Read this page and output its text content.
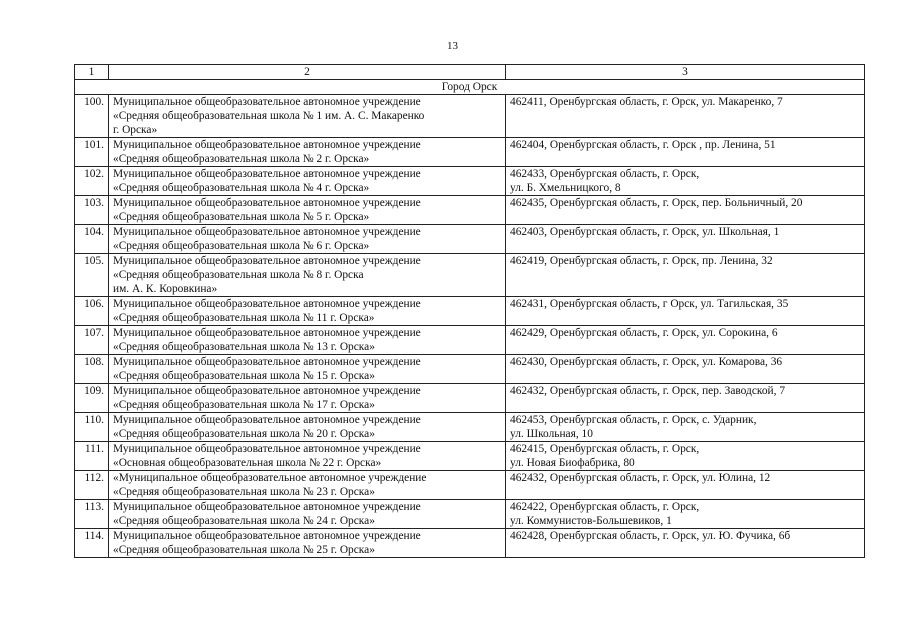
13
1	2	3
Город Орск		
100.	Муниципальное общеобразовательное автономное учреждение
«Средняя общеобразовательная школа № 1 им. А. С. Макаренко
г. Орска»	462411, Оренбургская область, г. Орск, ул. Макаренко, 7

101.	Муниципальное общеобразовательное автономное учреждение
«Средняя общеобразовательная школа № 2 г. Орска»	462404, Оренбургская область, г. Орск , пр. Ленина, 51

102.	Муниципальное общеобразовательное автономное учреждение
«Средняя общеобразовательная школа № 4 г. Орска»	462433, Оренбургская область, г. Орск,
ул. Б. Хмельницкого, 8

103.	Муниципальное общеобразовательное автономное учреждение
«Средняя общеобразовательная школа № 5 г. Орска»	462435, Оренбургская область, г. Орск, пер. Больничный, 20

104.	Муниципальное общеобразовательное автономное учреждение
«Средняя общеобразовательная школа № 6 г. Орска»	462403, Оренбургская область, г. Орск, ул. Школьная, 1

105.	Муниципальное общеобразовательное автономное учреждение
«Средняя общеобразовательная школа № 8 г. Орска
им. А. К. Коровкина»	462419, Оренбургская область, г. Орск, пр. Ленина, 32

106.	Муниципальное общеобразовательное автономное учреждение
«Средняя общеобразовательная школа № 11 г. Орска»	462431, Оренбургская область, г Орск, ул. Тагильская, 35

107.	Муниципальное общеобразовательное автономное учреждение
«Средняя общеобразовательная школа № 13 г. Орска»	462429, Оренбургская область, г. Орск, ул. Сорокина, 6

108.	Муниципальное общеобразовательное автономное учреждение
«Средняя общеобразовательная школа № 15 г. Орска»	462430, Оренбургская область, г. Орск, ул. Комарова, 36

109.	Муниципальное общеобразовательное автономное учреждение
«Средняя общеобразовательная школа № 17 г. Орска»	462432, Оренбургская область, г. Орск, пер. Заводской, 7

110.	Муниципальное общеобразовательное автономное учреждение
«Средняя общеобразовательная школа № 20 г. Орска»	462453, Оренбургская область, г. Орск, с. Ударник,
ул. Школьная, 10

111.	Муниципальное общеобразовательное автономное учреждение
«Основная общеобразовательная школа № 22 г. Орска»	462415, Оренбургская область, г. Орск,
ул. Новая Биофабрика, 80

112.	«Муниципальное общеобразовательное автономное учреждение
«Средняя общеобразовательная школа № 23 г. Орска»	462432, Оренбургская область, г. Орск, ул. Юлина, 12

113.	Муниципальное общеобразовательное автономное учреждение
«Средняя общеобразовательная школа № 24 г. Орска»	462422, Оренбургская область, г. Орск,
ул. Коммунистов-Большевиков, 1

114.	Муниципальное общеобразовательное автономное учреждение
«Средняя общеобразовательная школа № 25 г. Орска»	462428, Оренбургская область, г. Орск, ул. Ю. Фучика, 6б
